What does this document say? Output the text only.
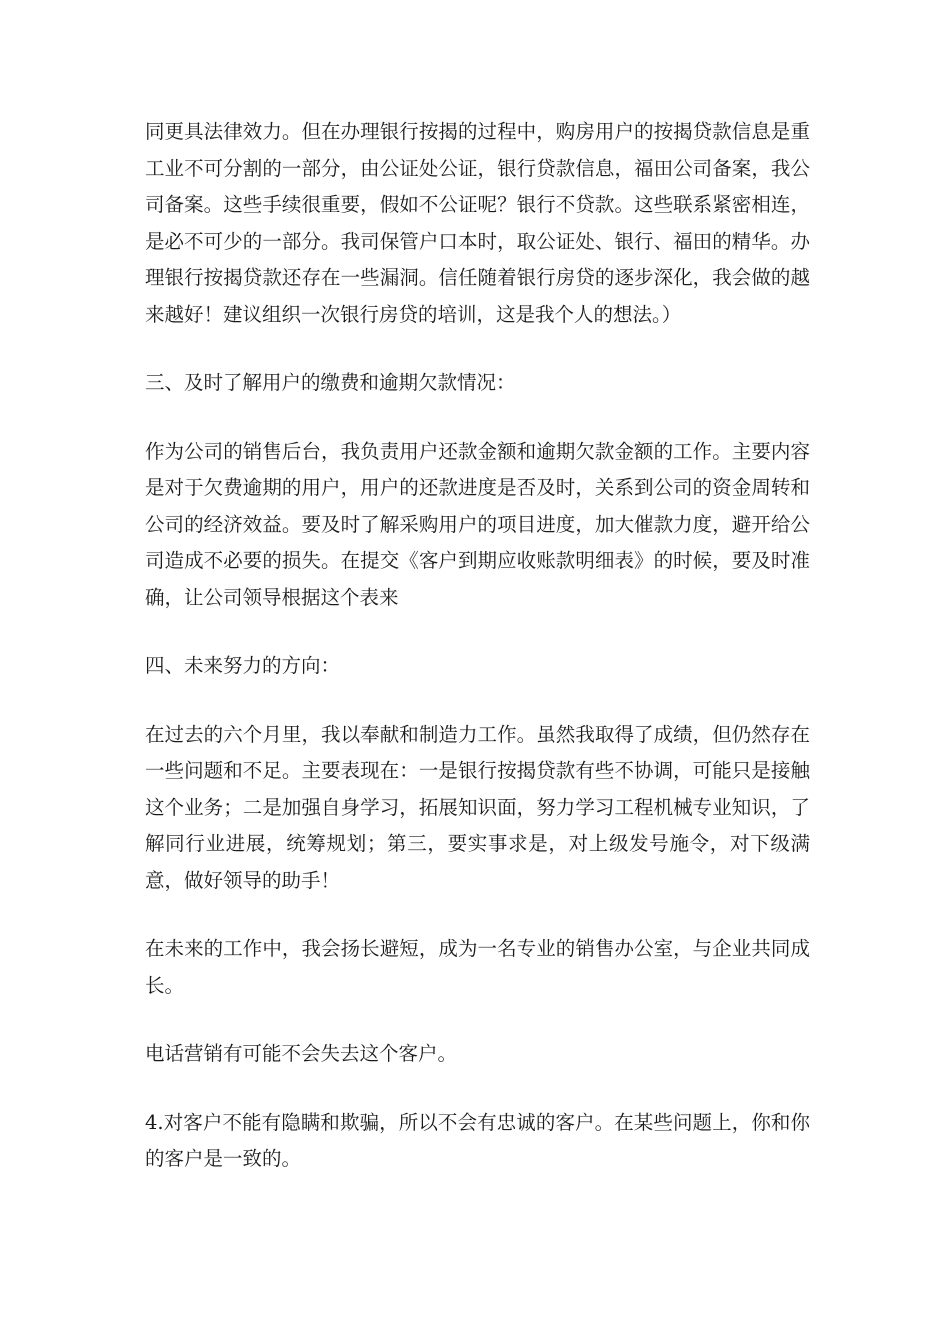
同更具法律效力。但在办理银行按揭的过程中，购房用户的按揭贷款信息是重工业不可分割的一部分，由公证处公证，银行贷款信息，福田公司备案，我公司备案。这些手续很重要，假如不公证呢？银行不贷款。这些联系紧密相连，是必不可少的一部分。我司保管户口本时，取公证处、银行、福田的精华。办理银行按揭贷款还存在一些漏洞。信任随着银行房贷的逐步深化，我会做的越来越好！建议组织一次银行房贷的培训，这是我个人的想法。）

三、及时了解用户的缴费和逾期欠款情况：

作为公司的销售后台，我负责用户还款金额和逾期欠款金额的工作。主要内容是对于欠费逾期的用户，用户的还款进度是否及时，关系到公司的资金周转和公司的经济效益。要及时了解采购用户的项目进度，加大催款力度，避开给公司造成不必要的损失。在提交《客户到期应收账款明细表》的时候，要及时准确，让公司领导根据这个表来

四、未来努力的方向：

在过去的六个月里，我以奉献和制造力工作。虽然我取得了成绩，但仍然存在一些问题和不足。主要表现在：一是银行按揭贷款有些不协调，可能只是接触这个业务；二是加强自身学习，拓展知识面，努力学习工程机械专业知识，了解同行业进展，统筹规划；第三，要实事求是，对上级发号施令，对下级满意，做好领导的助手！

在未来的工作中，我会扬长避短，成为一名专业的销售办公室，与企业共同成长。

电话营销有可能不会失去这个客户。

4.对客户不能有隐瞒和欺骗，所以不会有忠诚的客户。在某些问题上，你和你的客户是一致的。
